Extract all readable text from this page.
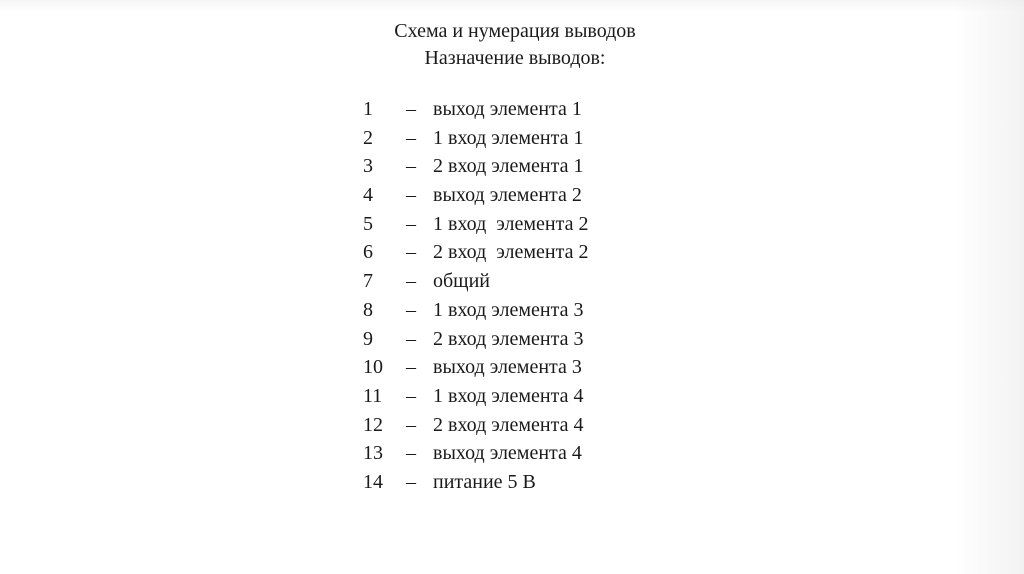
Схема и нумерация выводов
Назначение выводов:
1	– выход элемента 1
2	– 1 вход элемента 1
3	– 2 вход элемента 1
4	– выход элемента 2
5	– 1 вход  элемента 2
6	– 2 вход  элемента 2
7	– общий
8	– 1 вход элемента 3
9	– 2 вход элемента 3
10	– выход элемента 3
11	– 1 вход элемента 4
12	– 2 вход элемента 4
13	– выход элемента 4
14	– питание 5 В
